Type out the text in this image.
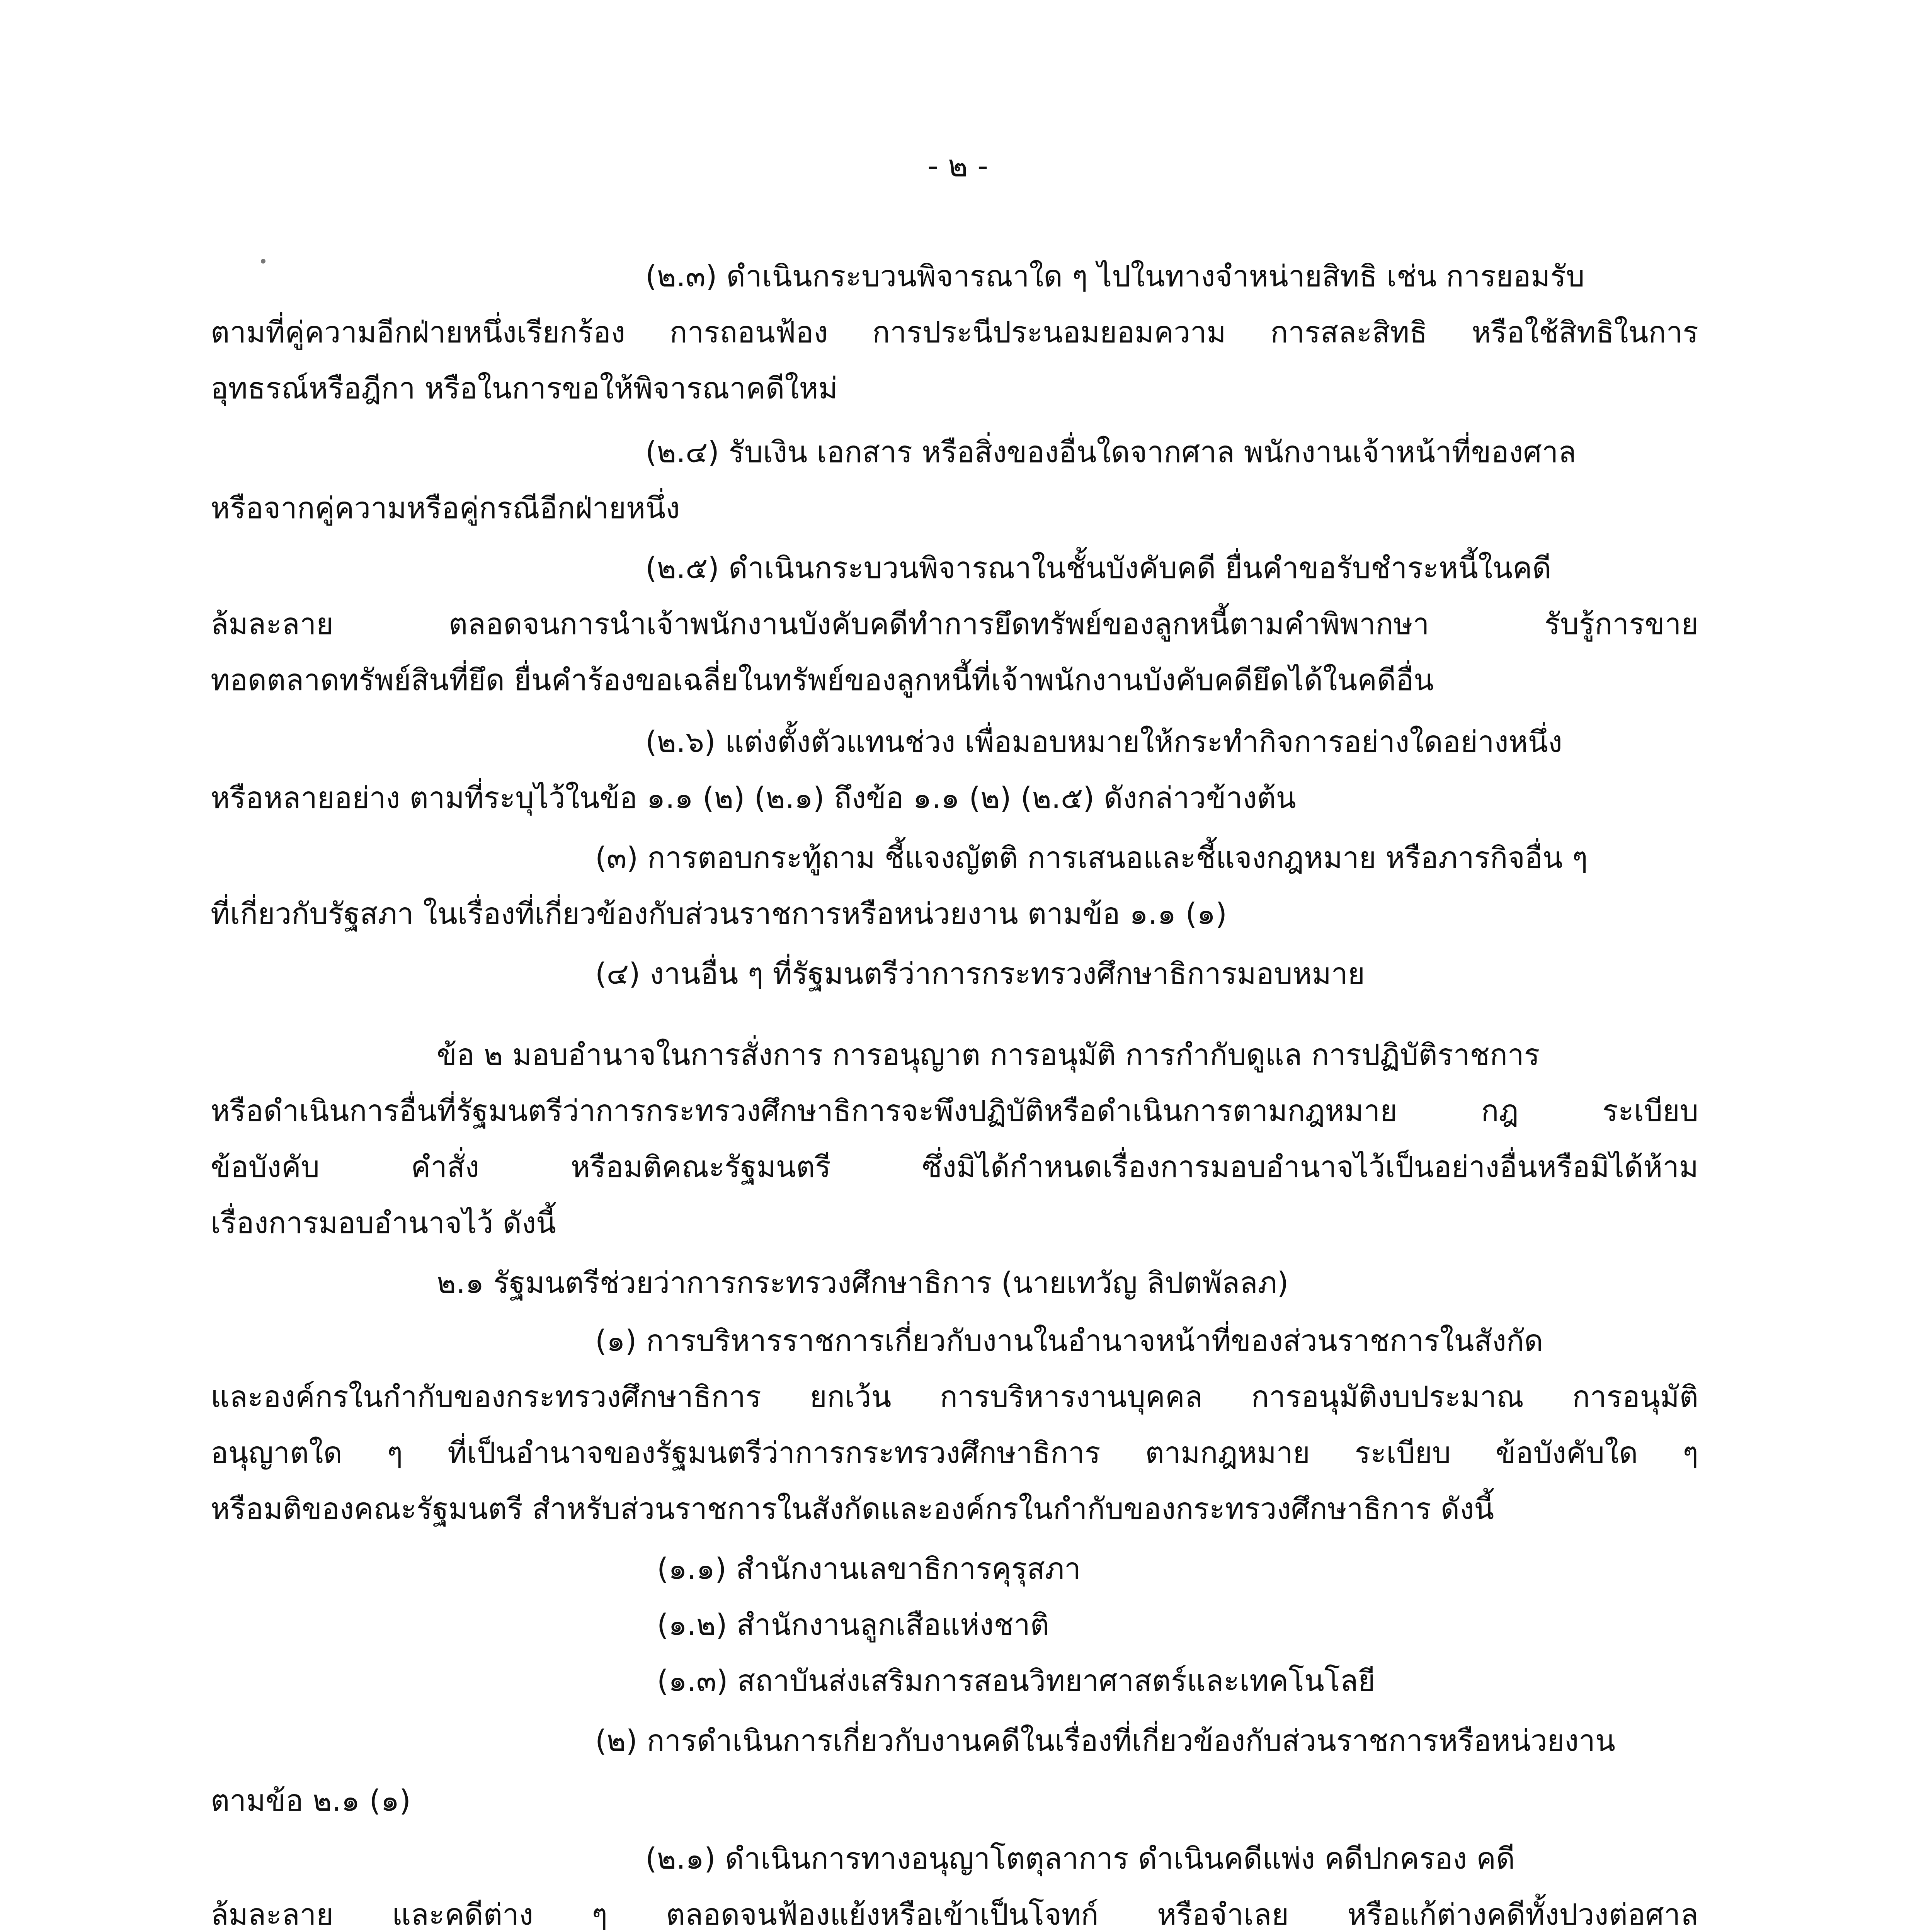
- ๒ -
(๒.๓) ดำเนินกระบวนพิจารณาใด ๆ ไปในทางจำหน่ายสิทธิ เช่น การยอมรับ
ตามที่คู่ความอีกฝ่ายหนึ่งเรียกร้อง การถอนฟ้อง การประนีประนอมยอมความ การสละสิทธิ หรือใช้สิทธิในการ
อุทธรณ์หรือฎีกา หรือในการขอให้พิจารณาคดีใหม่
(๒.๔) รับเงิน เอกสาร หรือสิ่งของอื่นใดจากศาล พนักงานเจ้าหน้าที่ของศาล
หรือจากคู่ความหรือคู่กรณีอีกฝ่ายหนึ่ง
(๒.๕) ดำเนินกระบวนพิจารณาในชั้นบังคับคดี ยื่นคำขอรับชำระหนี้ในคดี
ล้มละลาย ตลอดจนการนำเจ้าพนักงานบังคับคดีทำการยึดทรัพย์ของลูกหนี้ตามคำพิพากษา รับรู้การขาย
ทอดตลาดทรัพย์สินที่ยึด ยื่นคำร้องขอเฉลี่ยในทรัพย์ของลูกหนี้ที่เจ้าพนักงานบังคับคดียึดได้ในคดีอื่น
(๒.๖) แต่งตั้งตัวแทนช่วง เพื่อมอบหมายให้กระทำกิจการอย่างใดอย่างหนึ่ง
หรือหลายอย่าง ตามที่ระบุไว้ในข้อ ๑.๑ (๒) (๒.๑) ถึงข้อ ๑.๑ (๒) (๒.๕) ดังกล่าวข้างต้น
(๓) การตอบกระทู้ถาม ชี้แจงญัตติ การเสนอและชี้แจงกฎหมาย หรือภารกิจอื่น ๆ
ที่เกี่ยวกับรัฐสภา ในเรื่องที่เกี่ยวข้องกับส่วนราชการหรือหน่วยงาน ตามข้อ ๑.๑ (๑)
(๔) งานอื่น ๆ ที่รัฐมนตรีว่าการกระทรวงศึกษาธิการมอบหมาย
ข้อ ๒ มอบอำนาจในการสั่งการ การอนุญาต การอนุมัติ การกำกับดูแล การปฏิบัติราชการ
หรือดำเนินการอื่นที่รัฐมนตรีว่าการกระทรวงศึกษาธิการจะพึงปฏิบัติหรือดำเนินการตามกฎหมาย กฎ ระเบียบ
ข้อบังคับ คำสั่ง หรือมติคณะรัฐมนตรี ซึ่งมิได้กำหนดเรื่องการมอบอำนาจไว้เป็นอย่างอื่นหรือมิได้ห้าม
เรื่องการมอบอำนาจไว้ ดังนี้
๒.๑ รัฐมนตรีช่วยว่าการกระทรวงศึกษาธิการ (นายเทวัญ ลิปตพัลลภ)
(๑) การบริหารราชการเกี่ยวกับงานในอำนาจหน้าที่ของส่วนราชการในสังกัด
และองค์กรในกำกับของกระทรวงศึกษาธิการ ยกเว้น การบริหารงานบุคคล การอนุมัติงบประมาณ การอนุมัติ
อนุญาตใด ๆ ที่เป็นอำนาจของรัฐมนตรีว่าการกระทรวงศึกษาธิการ ตามกฎหมาย ระเบียบ ข้อบังคับใด ๆ
หรือมติของคณะรัฐมนตรี สำหรับส่วนราชการในสังกัดและองค์กรในกำกับของกระทรวงศึกษาธิการ ดังนี้
(๑.๑) สำนักงานเลขาธิการคุรุสภา
(๑.๒) สำนักงานลูกเสือแห่งชาติ
(๑.๓) สถาบันส่งเสริมการสอนวิทยาศาสตร์และเทคโนโลยี
(๒) การดำเนินการเกี่ยวกับงานคดีในเรื่องที่เกี่ยวข้องกับส่วนราชการหรือหน่วยงาน
ตามข้อ ๒.๑ (๑)
(๒.๑) ดำเนินการทางอนุญาโตตุลาการ ดำเนินคดีแพ่ง คดีปกครอง คดี
ล้มละลาย และคดีต่าง ๆ ตลอดจนฟ้องแย้งหรือเข้าเป็นโจทก์ หรือจำเลย หรือแก้ต่างคดีทั้งปวงต่อศาล
